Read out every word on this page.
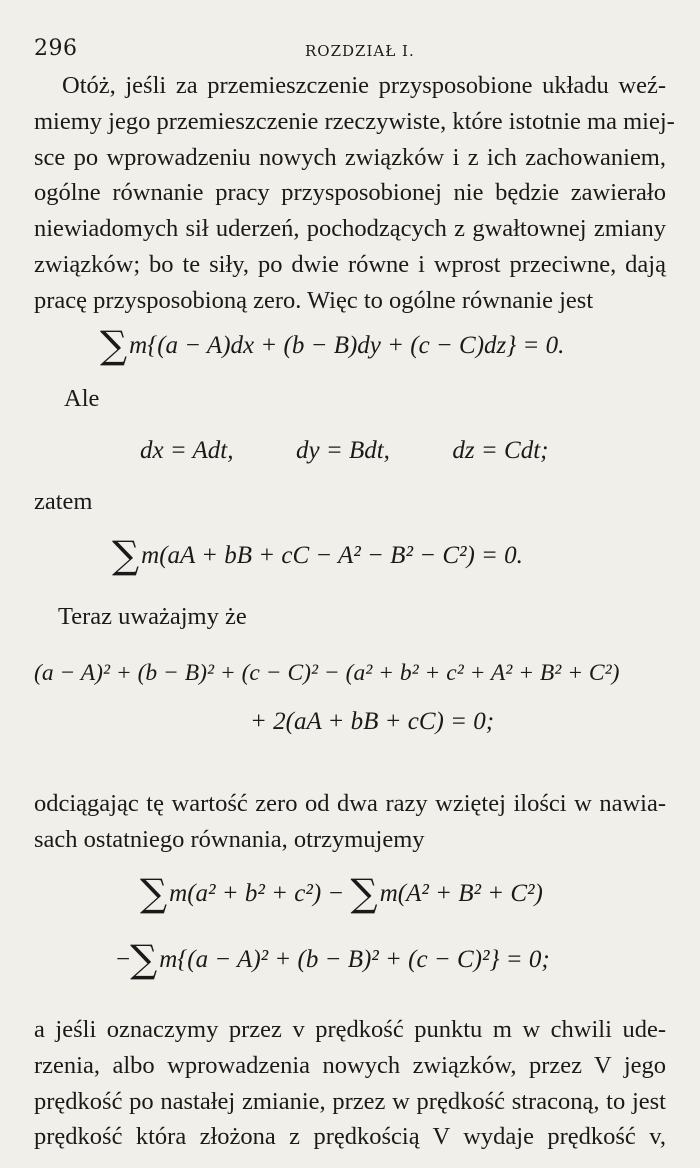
296	ROZDZIAŁ I.
Otóż, jeśli za przemieszczenie przysposobione układu weź-
miemy jego przemieszczenie rzeczywiste, które istotnie ma miej-
sce po wprowadzeniu nowych związków i z ich zachowaniem,
ogólne równanie pracy przysposobionej nie będzie zawierało
niewiadomych sił uderzeń, pochodzących z gwałtownej zmiany
związków; bo te siły, po dwie równe i wprost przeciwne, dają
pracę przysposobioną zero. Więc to ogólne równanie jest
∑m{(a − A)dx + (b − B)dy + (c − C)dz} = 0.
Ale
dx = Adt,          dy = Bdt,          dz = Cdt;
zatem
∑m(aA + bB + cC − A² − B² − C²) = 0.
Teraz uważajmy że
(a − A)² + (b − B)² + (c − C)² − (a² + b² + c² + A² + B² + C²)
+ 2(aA + bB + cC) = 0;
odciągając tę wartość zero od dwa razy wziętej ilości w nawia-
sach ostatniego równania, otrzymujemy
∑m(a² + b² + c²) − ∑m(A² + B² + C²)
−∑m{(a − A)² + (b − B)² + (c − C)²} = 0;
a jeśli oznaczymy przez v prędkość punktu m w chwili ude-
rzenia, albo wprowadzenia nowych związków, przez V jego
prędkość po nastałej zmianie, przez w prędkość straconą, to jest
prędkość która złożona z prędkością V wydaje prędkość v,
